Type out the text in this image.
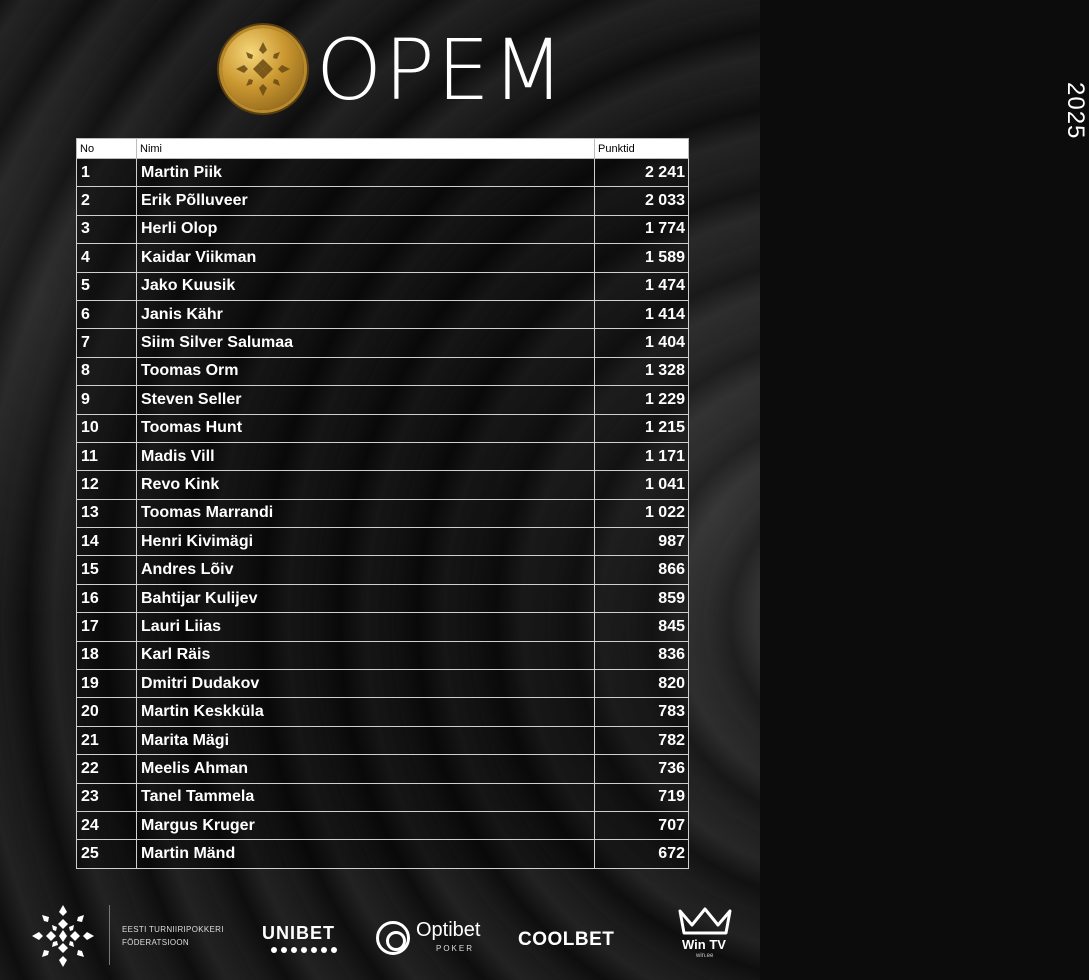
OPEM	2025
No	Nimi	Punktid
1	Martin Piik	2 241
2	Erik Põlluveer	2 033
3	Herli Olop	1 774
4	Kaidar Viikman	1 589
5	Jako Kuusik	1 474
6	Janis Kähr	1 414
7	Siim Silver Salumaa	1 404
8	Toomas Orm	1 328
9	Steven Seller	1 229
10	Toomas Hunt	1 215
11	Madis Vill	1 171
12	Revo Kink	1 041
13	Toomas Marrandi	1 022
14	Henri Kivimägi	987
15	Andres Lõiv	866
16	Bahtijar Kulijev	859
17	Lauri Liias	845
18	Karl Räis	836
19	Dmitri Dudakov	820
20	Martin Keskküla	783
21	Marita Mägi	782
22	Meelis Ahman	736
23	Tanel Tammela	719
24	Margus Kruger	707
25	Martin Mänd	672
EESTI TURNIIRIPOKKERI
FÖDERATSIOON	UNIBET	Optibet
POKER COOLBET	Win TV
win.ee
